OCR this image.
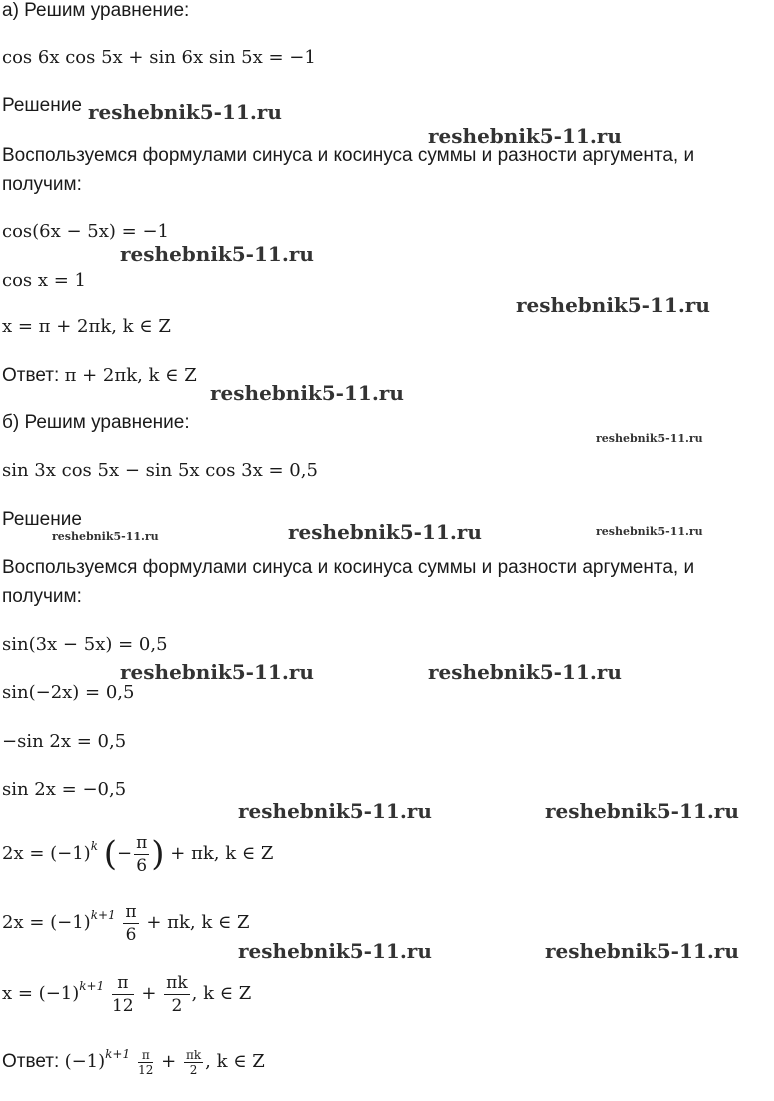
а) Решим уравнение:
cos 6x cos 5x + sin 6x sin 5x = −1
Решение
Воспользуемся формулами синуса и косинуса суммы и разности аргумента, и
получим:
cos(6x − 5x) = −1
cos x = 1
x = π + 2πk, k ∈ Z
Ответ: π + 2πk, k ∈ Z
б) Решим уравнение:
sin 3x cos 5x − sin 5x cos 3x = 0,5
Решение
Воспользуемся формулами синуса и косинуса суммы и разности аргумента, и
получим:
sin(3x − 5x) = 0,5
sin(−2x) = 0,5
−sin 2x = 0,5
sin 2x = −0,5
$2x = (-1)^k$ (− $\frac{\pi}{6}$ ) + πk, k ∈ Z
$2x = (-1)^{k+1} \frac{\pi}{6} + \pi k$, k ∈ Z
$x = (-1)^{k+1} \frac{\pi}{12} + \frac{\pi k}{2}$ , k ∈ Z
Ответ: $(-1)^{k+1} \frac{\pi}{12} + \frac{\pi k}{2}$ , k ∈ Z
reshebnik5-11.ru
reshebnik5-11.ru
reshebnik5-11.ru
reshebnik5-11.ru
reshebnik5-11.ru
reshebnik5-11.ru
reshebnik5-11.ru	reshebnik5-11.ru	reshebnik5-11.ru
reshebnik5-11.ru	reshebnik5-11.ru
reshebnik5-11.ru	reshebnik5-11.ru
reshebnik5-11.ru	reshebnik5-11.ru
